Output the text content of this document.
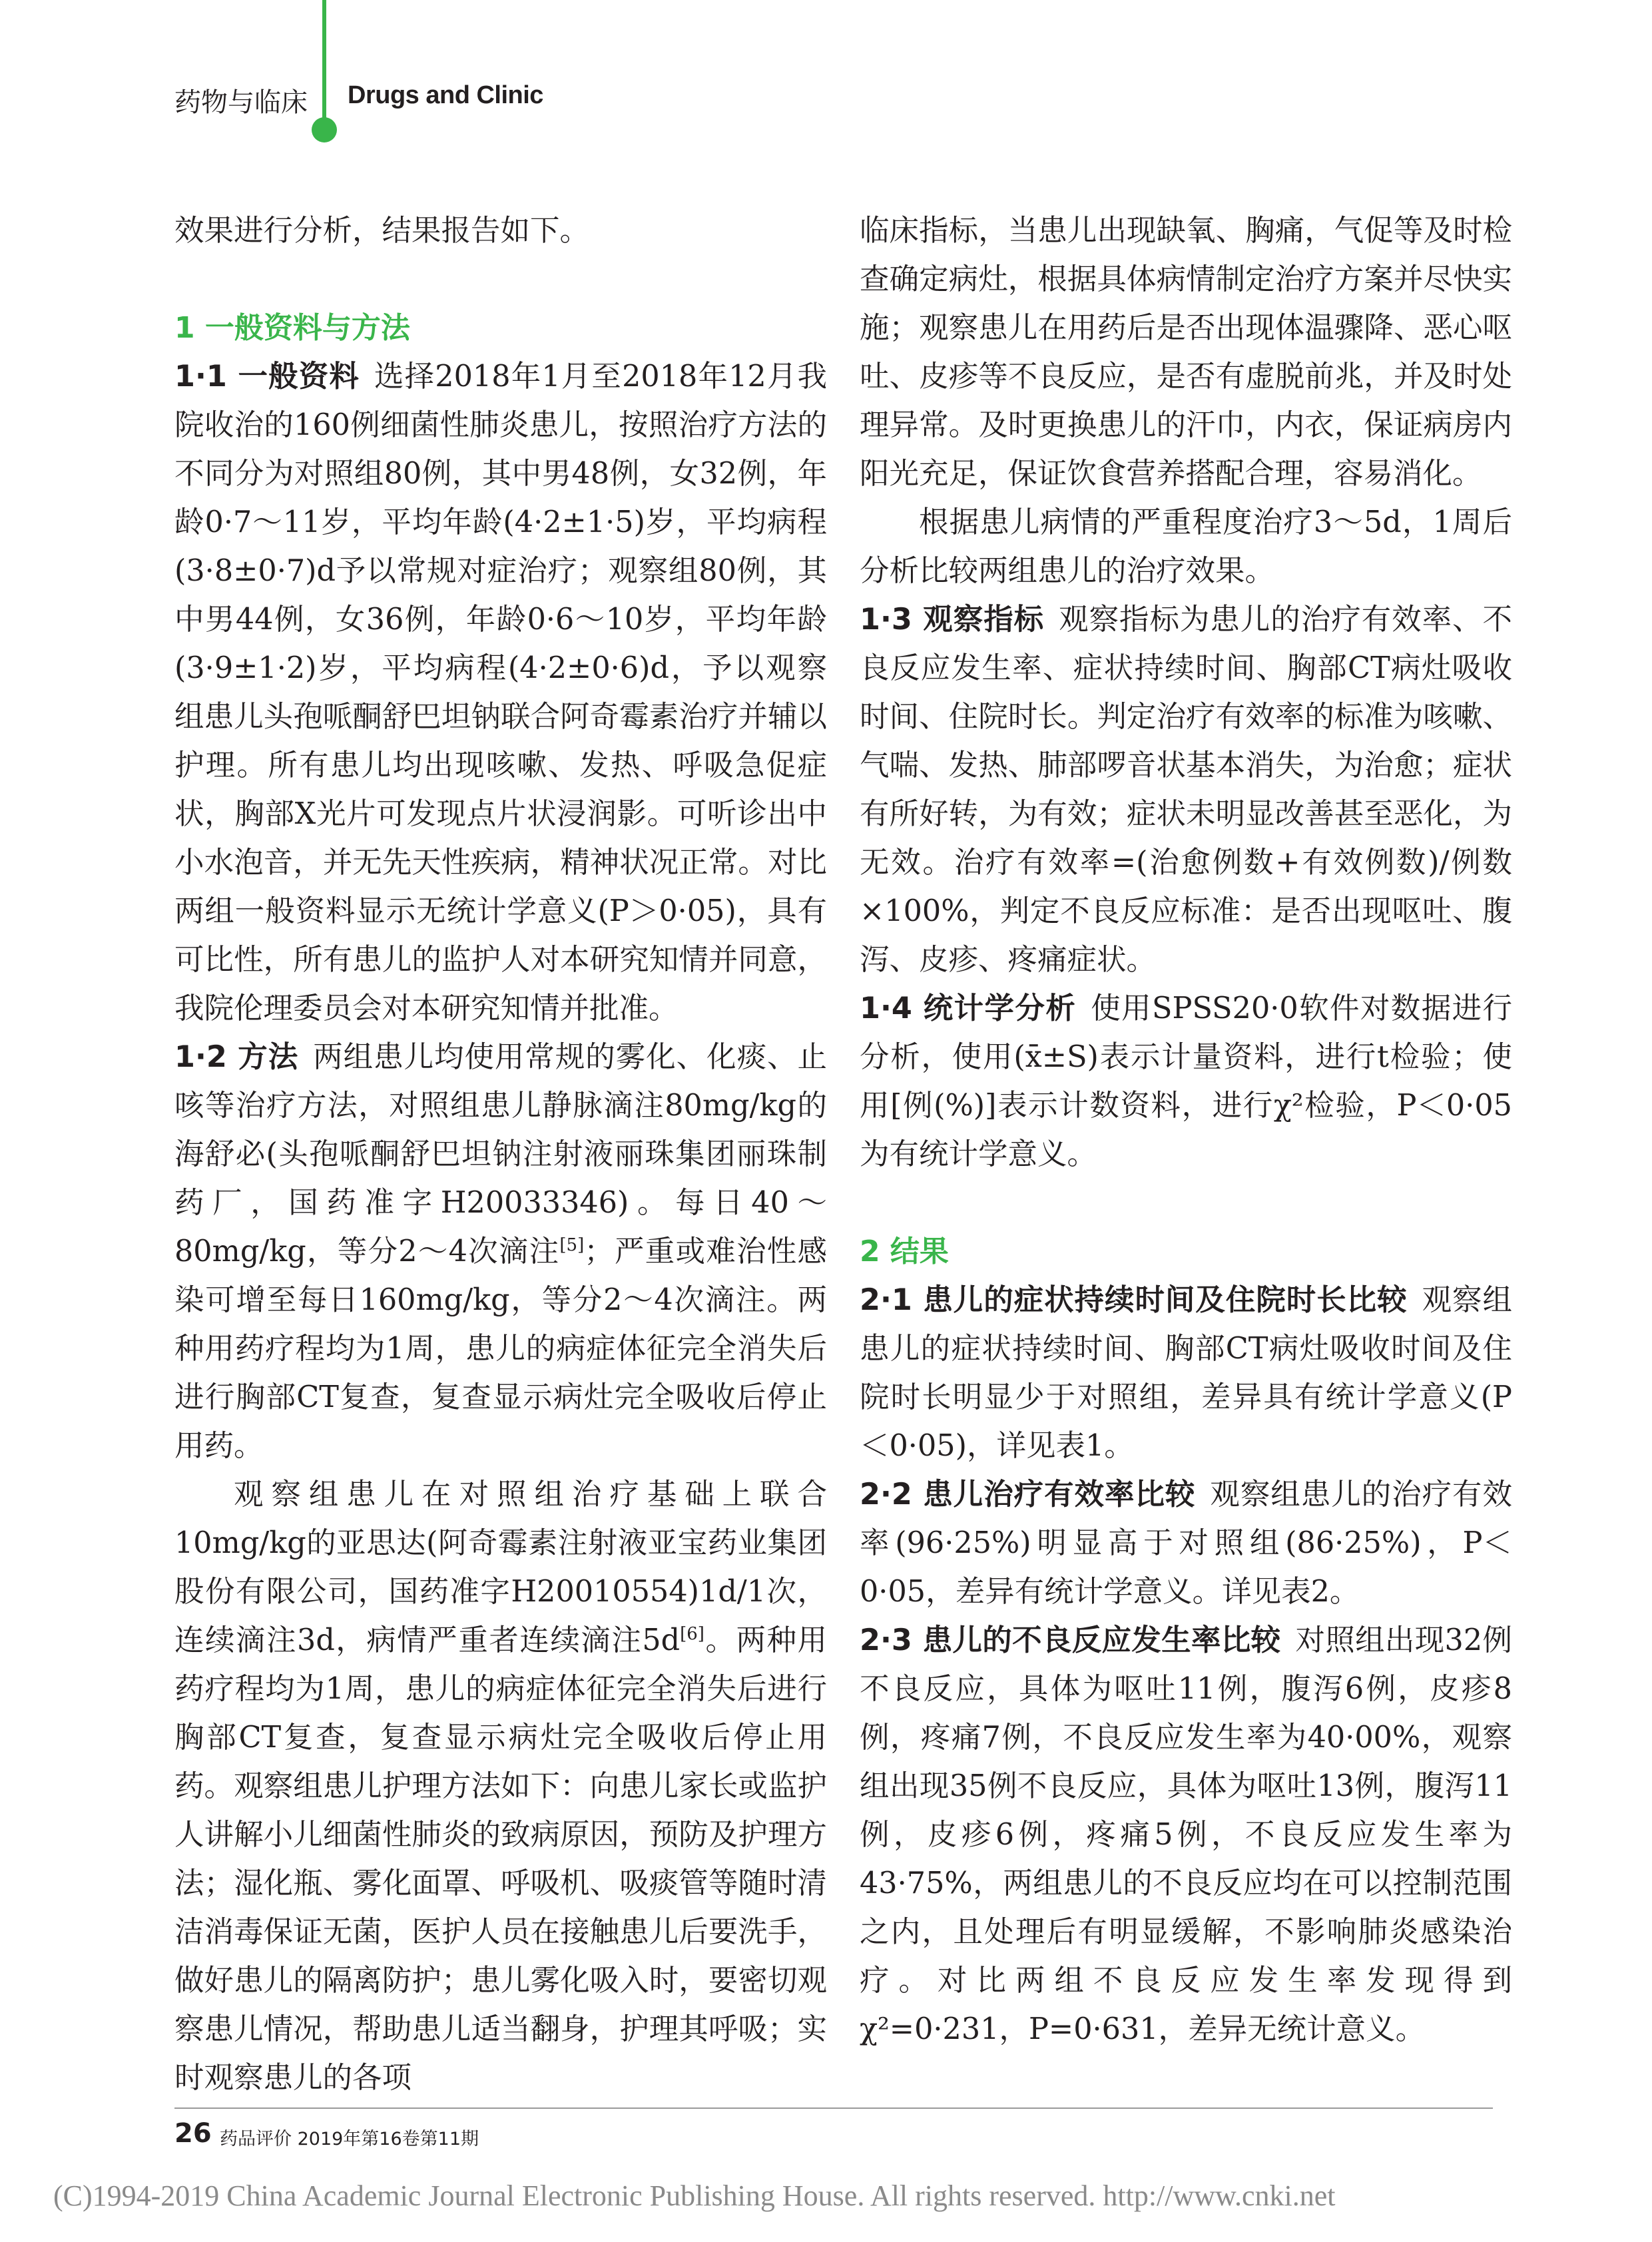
药物与临床 Drugs and Clinic

效果进行分析，结果报告如下。

1 一般资料与方法

1·1 一般资料 选择2018年1月至2018年12月我院收治的160例细菌性肺炎患儿，按照治疗方法的不同分为对照组80例，其中男48例，女32例，年龄0·7～11岁，平均年龄(4·2±1·5)岁，平均病程(3·8±0·7)d予以常规对症治疗；观察组80例，其中男44例，女36例，年龄0·6～10岁，平均年龄(3·9±1·2)岁，平均病程(4·2±0·6)d，予以观察组患儿头孢哌酮舒巴坦钠联合阿奇霉素治疗并辅以护理。所有患儿均出现咳嗽、发热、呼吸急促症状，胸部X光片可发现点片状浸润影。可听诊出中小水泡音，并无先天性疾病，精神状况正常。对比两组一般资料显示无统计学意义(P＞0·05)，具有可比性，所有患儿的监护人对本研究知情并同意，我院伦理委员会对本研究知情并批准。

1·2 方法 两组患儿均使用常规的雾化、化痰、止咳等治疗方法，对照组患儿静脉滴注80mg/kg的海舒必(头孢哌酮舒巴坦钠注射液丽珠集团丽珠制药厂，国药准字H20033346)。每日40～80mg/kg，等分2～4次滴注[5]；严重或难治性感染可增至每日160mg/kg，等分2～4次滴注。两种用药疗程均为1周，患儿的病症体征完全消失后进行胸部CT复查，复查显示病灶完全吸收后停止用药。

观察组患儿在对照组治疗基础上联合10mg/kg的亚思达(阿奇霉素注射液亚宝药业集团股份有限公司，国药准字H20010554)1d/1次，连续滴注3d，病情严重者连续滴注5d[6]。两种用药疗程均为1周，患儿的病症体征完全消失后进行胸部CT复查，复查显示病灶完全吸收后停止用药。观察组患儿护理方法如下：向患儿家长或监护人讲解小儿细菌性肺炎的致病原因，预防及护理方法；湿化瓶、雾化面罩、呼吸机、吸痰管等随时清洁消毒保证无菌，医护人员在接触患儿后要洗手，做好患儿的隔离防护；患儿雾化吸入时，要密切观察患儿情况，帮助患儿适当翻身，护理其呼吸；实时观察患儿的各项

临床指标，当患儿出现缺氧、胸痛，气促等及时检查确定病灶，根据具体病情制定治疗方案并尽快实施；观察患儿在用药后是否出现体温骤降、恶心呕吐、皮疹等不良反应，是否有虚脱前兆，并及时处理异常。及时更换患儿的汗巾，内衣，保证病房内阳光充足，保证饮食营养搭配合理，容易消化。

根据患儿病情的严重程度治疗3～5d，1周后分析比较两组患儿的治疗效果。

1·3 观察指标 观察指标为患儿的治疗有效率、不良反应发生率、症状持续时间、胸部CT病灶吸收时间、住院时长。判定治疗有效率的标准为咳嗽、气喘、发热、肺部啰音状基本消失，为治愈；症状有所好转，为有效；症状未明显改善甚至恶化，为无效。治疗有效率=(治愈例数+有效例数)/例数×100%，判定不良反应标准：是否出现呕吐、腹泻、皮疹、疼痛症状。

1·4 统计学分析 使用SPSS20·0软件对数据进行分析，使用(x̄±S)表示计量资料，进行t检验；使用[例(%)]表示计数资料，进行χ²检验，P＜0·05为有统计学意义。

2 结果

2·1 患儿的症状持续时间及住院时长比较 观察组患儿的症状持续时间、胸部CT病灶吸收时间及住院时长明显少于对照组，差异具有统计学意义(P＜0·05)，详见表1。

2·2 患儿治疗有效率比较 观察组患儿的治疗有效率(96·25%)明显高于对照组(86·25%)，P＜0·05，差异有统计学意义。详见表2。

2·3 患儿的不良反应发生率比较 对照组出现32例不良反应，具体为呕吐11例，腹泻6例，皮疹8例，疼痛7例，不良反应发生率为40·00%，观察组出现35例不良反应，具体为呕吐13例，腹泻11例，皮疹6例，疼痛5例，不良反应发生率为43·75%，两组患儿的不良反应均在可以控制范围之内，且处理后有明显缓解，不影响肺炎感染治疗。对比两组不良反应发生率发现得到χ²=0·231，P=0·631，差异无统计意义。

26 药品评价 2019年第16卷第11期
(C)1994-2019 China Academic Journal Electronic Publishing House. All rights reserved. http://www.cnki.net
